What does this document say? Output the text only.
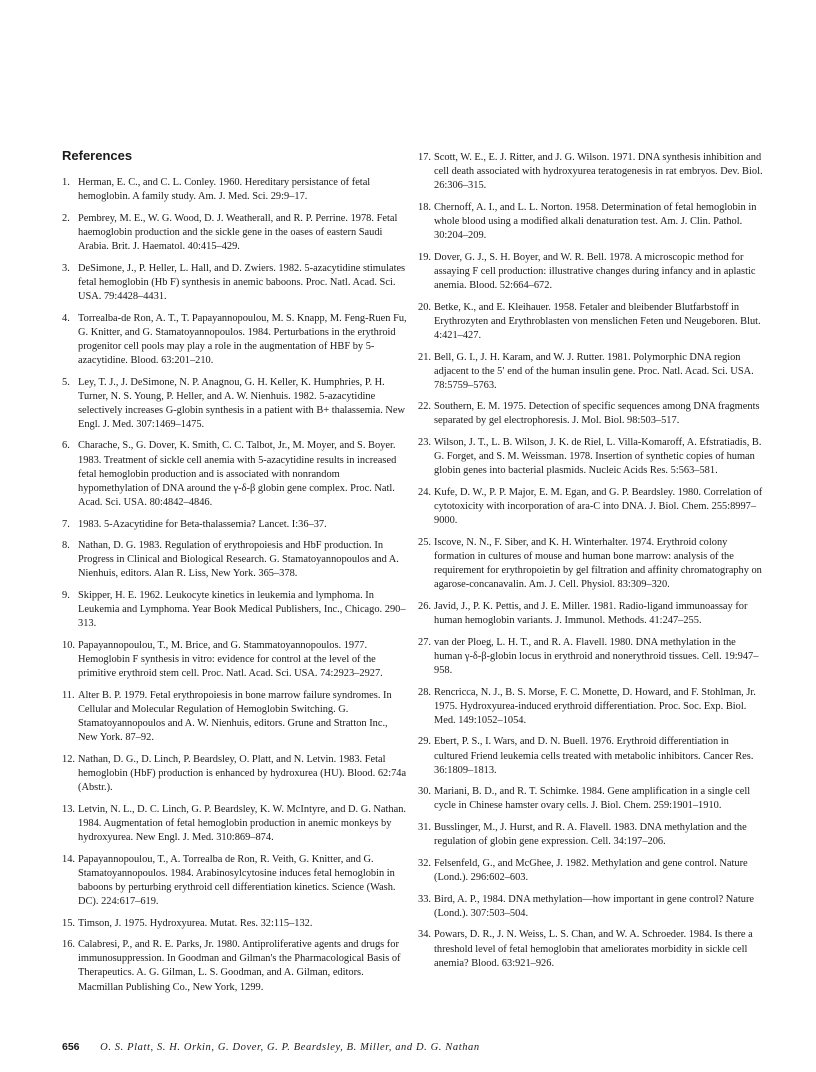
References
1. Herman, E. C., and C. L. Conley. 1960. Hereditary persistance of fetal hemoglobin. A family study. Am. J. Med. Sci. 29:9–17.
2. Pembrey, M. E., W. G. Wood, D. J. Weatherall, and R. P. Perrine. 1978. Fetal haemoglobin production and the sickle gene in the oases of eastern Saudi Arabia. Brit. J. Haematol. 40:415–429.
3. DeSimone, J., P. Heller, L. Hall, and D. Zwiers. 1982. 5-azacytidine stimulates fetal hemoglobin (Hb F) synthesis in anemic baboons. Proc. Natl. Acad. Sci. USA. 79:4428–4431.
4. Torrealba-de Ron, A. T., T. Papayannopoulou, M. S. Knapp, M. Feng-Ruen Fu, G. Knitter, and G. Stamatoyannopoulos. 1984. Perturbations in the erythroid progenitor cell pools may play a role in the augmentation of HBF by 5-azacytidine. Blood. 63:201–210.
5. Ley, T. J., J. DeSimone, N. P. Anagnou, G. H. Keller, K. Humphries, P. H. Turner, N. S. Young, P. Heller, and A. W. Nienhuis. 1982. 5-azacytidine selectively increases G-globin synthesis in a patient with B+ thalassemia. New Engl. J. Med. 307:1469–1475.
6. Charache, S., G. Dover, K. Smith, C. C. Talbot, Jr., M. Moyer, and S. Boyer. 1983. Treatment of sickle cell anemia with 5-azacytidine results in increased fetal hemoglobin production and is associated with nonrandom hypomethylation of DNA around the γ-δ-β globin gene complex. Proc. Natl. Acad. Sci. USA. 80:4842–4846.
7. 1983. 5-Azacytidine for Beta-thalassemia? Lancet. I:36–37.
8. Nathan, D. G. 1983. Regulation of erythropoiesis and HbF production. In Progress in Clinical and Biological Research. G. Stamatoyannopoulos and A. Nienhuis, editors. Alan R. Liss, New York. 365–378.
9. Skipper, H. E. 1962. Leukocyte kinetics in leukemia and lymphoma. In Leukemia and Lymphoma. Year Book Medical Publishers, Inc., Chicago. 290–313.
10. Papayannopoulou, T., M. Brice, and G. Stammatoyannopoulos. 1977. Hemoglobin F synthesis in vitro: evidence for control at the level of the primitive erythroid stem cell. Proc. Natl. Acad. Sci. USA. 74:2923–2927.
11. Alter B. P. 1979. Fetal erythropoiesis in bone marrow failure syndromes. In Cellular and Molecular Regulation of Hemoglobin Switching. G. Stamatoyannopoulos and A. W. Nienhuis, editors. Grune and Stratton Inc., New York. 87–92.
12. Nathan, D. G., D. Linch, P. Beardsley, O. Platt, and N. Letvin. 1983. Fetal hemoglobin (HbF) production is enhanced by hydroxurea (HU). Blood. 62:74a (Abstr.).
13. Letvin, N. L., D. C. Linch, G. P. Beardsley, K. W. McIntyre, and D. G. Nathan. 1984. Augmentation of fetal hemoglobin production in anemic monkeys by hydroxyurea. New Engl. J. Med. 310:869–874.
14. Papayannopoulou, T., A. Torrealba de Ron, R. Veith, G. Knitter, and G. Stamatoyannopoulos. 1984. Arabinosylcytosine induces fetal hemoglobin in baboons by perturbing erythroid cell differentiation kinetics. Science (Wash. DC). 224:617–619.
15. Timson, J. 1975. Hydroxyurea. Mutat. Res. 32:115–132.
16. Calabresi, P., and R. E. Parks, Jr. 1980. Antiproliferative agents and drugs for immunosuppression. In Goodman and Gilman's the Pharmacological Basis of Therapeutics. A. G. Gilman, L. S. Goodman, and A. Gilman, editors. Macmillan Publishing Co., New York, 1299.
17. Scott, W. E., E. J. Ritter, and J. G. Wilson. 1971. DNA synthesis inhibition and cell death associated with hydroxyurea teratogenesis in rat embryos. Dev. Biol. 26:306–315.
18. Chernoff, A. I., and L. L. Norton. 1958. Determination of fetal hemoglobin in whole blood using a modified alkali denaturation test. Am. J. Clin. Pathol. 30:204–209.
19. Dover, G. J., S. H. Boyer, and W. R. Bell. 1978. A microscopic method for assaying F cell production: illustrative changes during infancy and in aplastic anemia. Blood. 52:664–672.
20. Betke, K., and E. Kleihauer. 1958. Fetaler and bleibender Blutfarbstoff in Erythrozyten and Erythroblasten von menslichen Feten und Neugeboren. Blut. 4:421–427.
21. Bell, G. I., J. H. Karam, and W. J. Rutter. 1981. Polymorphic DNA region adjacent to the 5′ end of the human insulin gene. Proc. Natl. Acad. Sci. USA. 78:5759–5763.
22. Southern, E. M. 1975. Detection of specific sequences among DNA fragments separated by gel electrophoresis. J. Mol. Biol. 98:503–517.
23. Wilson, J. T., L. B. Wilson, J. K. de Riel, L. Villa-Komaroff, A. Efstratiadis, B. G. Forget, and S. M. Weissman. 1978. Insertion of synthetic copies of human globin genes into bacterial plasmids. Nucleic Acids Res. 5:563–581.
24. Kufe, D. W., P. P. Major, E. M. Egan, and G. P. Beardsley. 1980. Correlation of cytotoxicity with incorporation of ara-C into DNA. J. Biol. Chem. 255:8997–9000.
25. Iscove, N. N., F. Siber, and K. H. Winterhalter. 1974. Erythroid colony formation in cultures of mouse and human bone marrow: analysis of the requirement for erythropoietin by gel filtration and affinity chromatography on agarose-concanavalin. Am. J. Cell. Physiol. 83:309–320.
26. Javid, J., P. K. Pettis, and J. E. Miller. 1981. Radio-ligand immunoassay for human hemoglobin variants. J. Immunol. Methods. 41:247–255.
27. van der Ploeg, L. H. T., and R. A. Flavell. 1980. DNA methylation in the human γ-δ-β-globin locus in erythroid and nonerythroid tissues. Cell. 19:947–958.
28. Rencricca, N. J., B. S. Morse, F. C. Monette, D. Howard, and F. Stohlman, Jr. 1975. Hydroxyurea-induced erythroid differentiation. Proc. Soc. Exp. Biol. Med. 149:1052–1054.
29. Ebert, P. S., I. Wars, and D. N. Buell. 1976. Erythroid differentiation in cultured Friend leukemia cells treated with metabolic inhibitors. Cancer Res. 36:1809–1813.
30. Mariani, B. D., and R. T. Schimke. 1984. Gene amplification in a single cell cycle in Chinese hamster ovary cells. J. Biol. Chem. 259:1901–1910.
31. Busslinger, M., J. Hurst, and R. A. Flavell. 1983. DNA methylation and the regulation of globin gene expression. Cell. 34:197–206.
32. Felsenfeld, G., and McGhee, J. 1982. Methylation and gene control. Nature (Lond.). 296:602–603.
33. Bird, A. P., 1984. DNA methylation—how important in gene control? Nature (Lond.). 307:503–504.
34. Powars, D. R., J. N. Weiss, L. S. Chan, and W. A. Schroeder. 1984. Is there a threshold level of fetal hemoglobin that ameliorates morbidity in sickle cell anemia? Blood. 63:921–926.
656 O. S. Platt, S. H. Orkin, G. Dover, G. P. Beardsley, B. Miller, and D. G. Nathan
